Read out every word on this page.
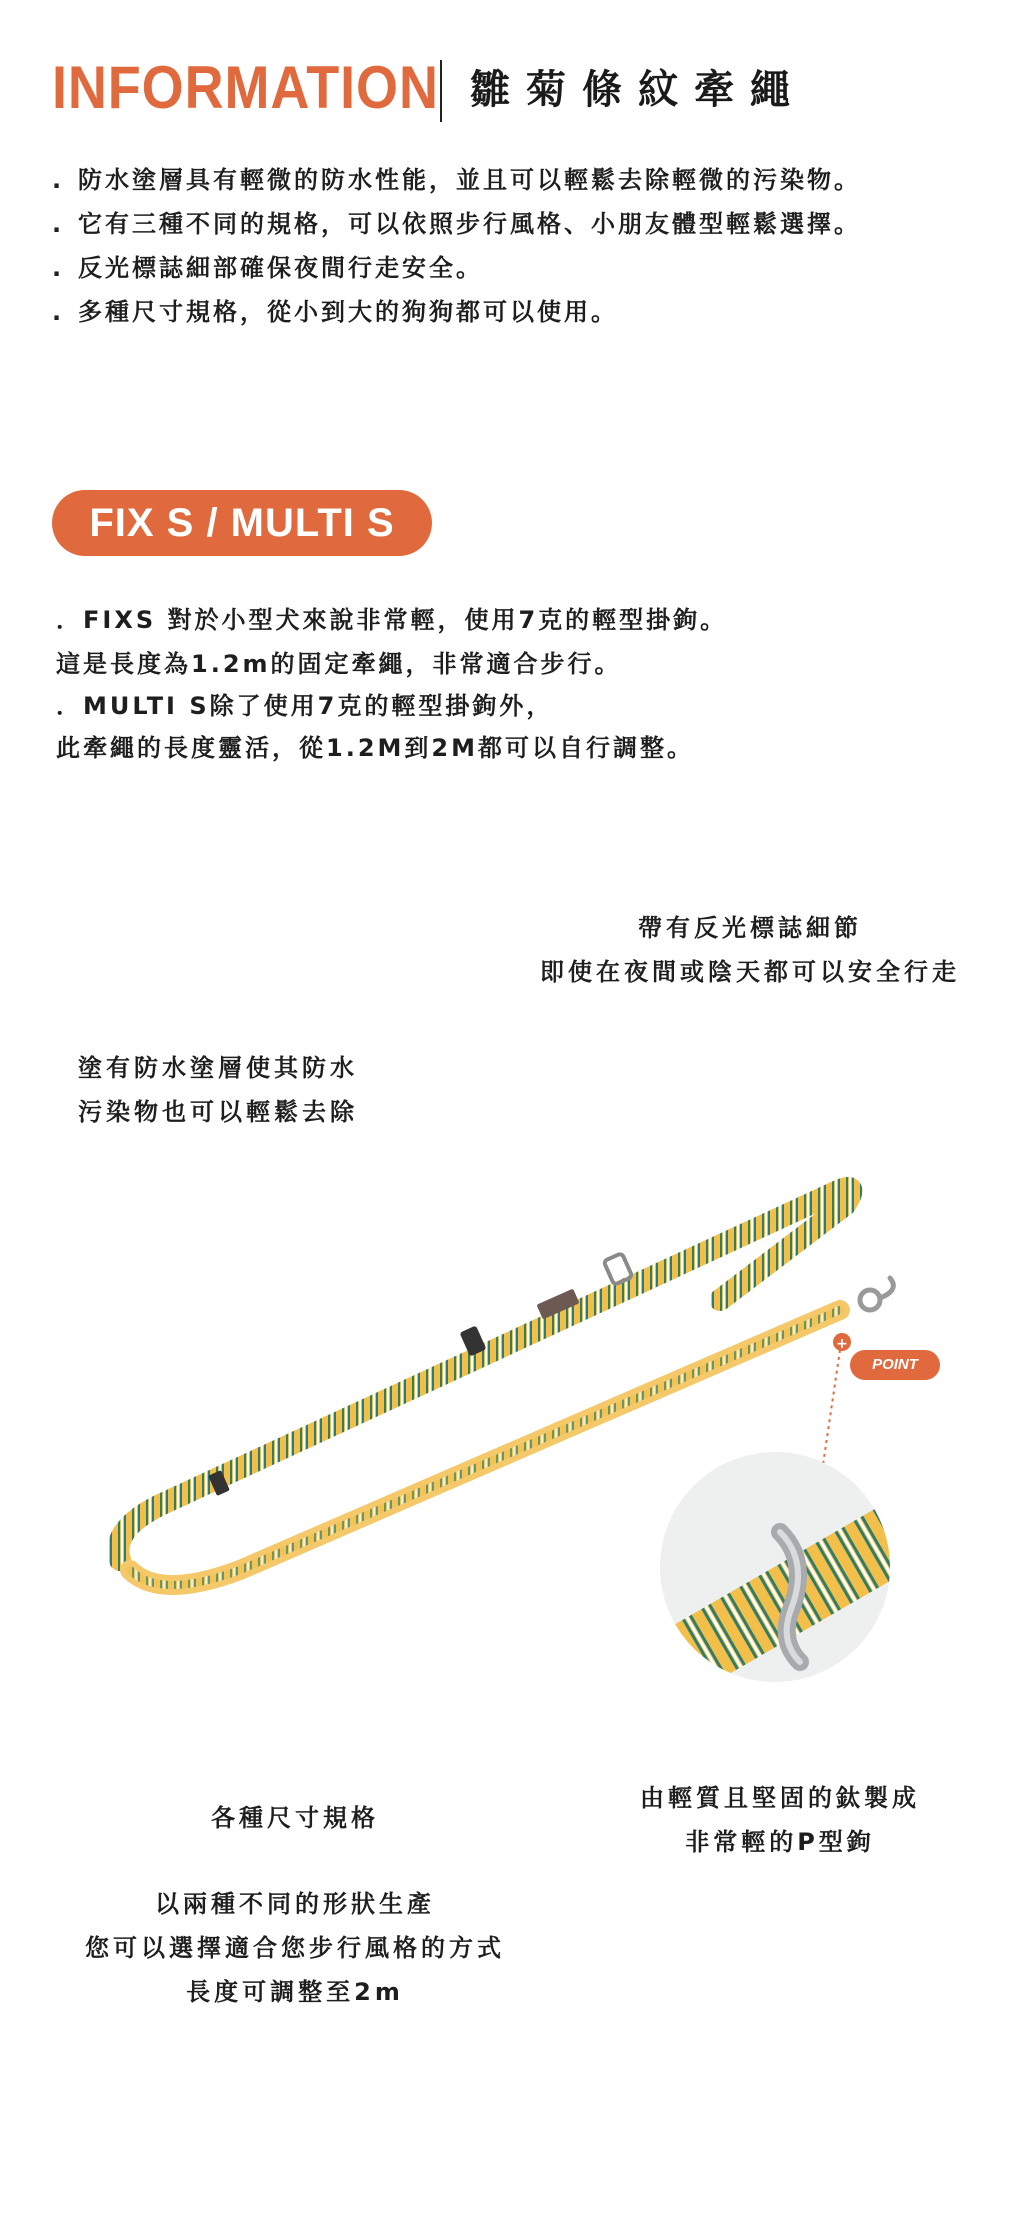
INFORMATION 雛菊條紋牽繩
. 防水塗層具有輕微的防水性能，並且可以輕鬆去除輕微的污染物。
. 它有三種不同的規格，可以依照步行風格、小朋友體型輕鬆選擇。
. 反光標誌細部確保夜間行走安全。
. 多種尺寸規格，從小到大的狗狗都可以使用。
FIX S / MULTI S
．FIXS 對於小型犬來說非常輕，使用7克的輕型掛鉤。
這是長度為1.2m的固定牽繩，非常適合步行。
．MULTI S除了使用7克的輕型掛鉤外，
此牽繩的長度靈活，從1.2M到2M都可以自行調整。
帶有反光標誌細節
即使在夜間或陰天都可以安全行走
塗有防水塗層使其防水
污染物也可以輕鬆去除
+
POINT
由輕質且堅固的鈦製成
非常輕的P型鉤
各種尺寸規格
以兩種不同的形狀生產
您可以選擇適合您步行風格的方式
長度可調整至2m
